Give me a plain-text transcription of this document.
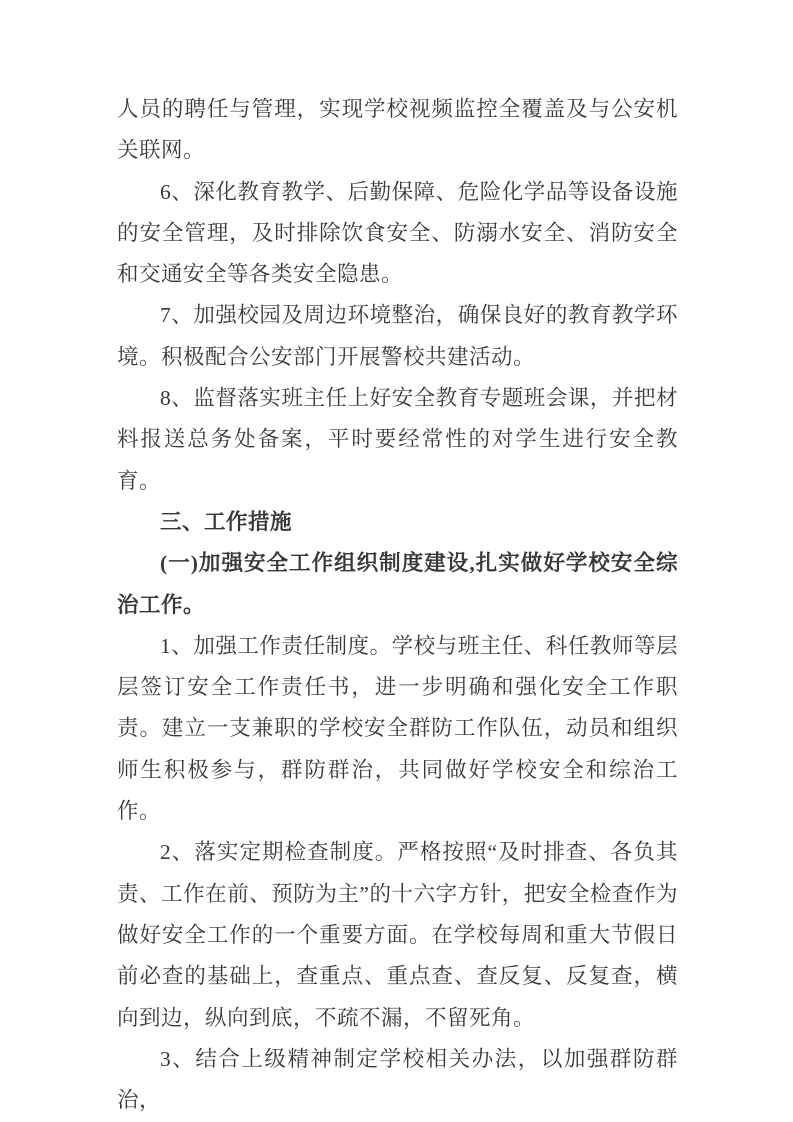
人员的聘任与管理，实现学校视频监控全覆盖及与公安机关联网。

6、深化教育教学、后勤保障、危险化学品等设备设施的安全管理，及时排除饮食安全、防溺水安全、消防安全和交通安全等各类安全隐患。

7、加强校园及周边环境整治，确保良好的教育教学环境。积极配合公安部门开展警校共建活动。

8、监督落实班主任上好安全教育专题班会课，并把材料报送总务处备案，平时要经常性的对学生进行安全教育。

三、工作措施

(一)加强安全工作组织制度建设,扎实做好学校安全综治工作。

1、加强工作责任制度。学校与班主任、科任教师等层层签订安全工作责任书，进一步明确和强化安全工作职责。建立一支兼职的学校安全群防工作队伍，动员和组织师生积极参与，群防群治，共同做好学校安全和综治工作。

2、落实定期检查制度。严格按照“及时排查、各负其责、工作在前、预防为主”的十六字方针，把安全检查作为做好安全工作的一个重要方面。在学校每周和重大节假日前必查的基础上，查重点、重点查、查反复、反复查，横向到边，纵向到底，不疏不漏，不留死角。

3、结合上级精神制定学校相关办法，以加强群防群治，
